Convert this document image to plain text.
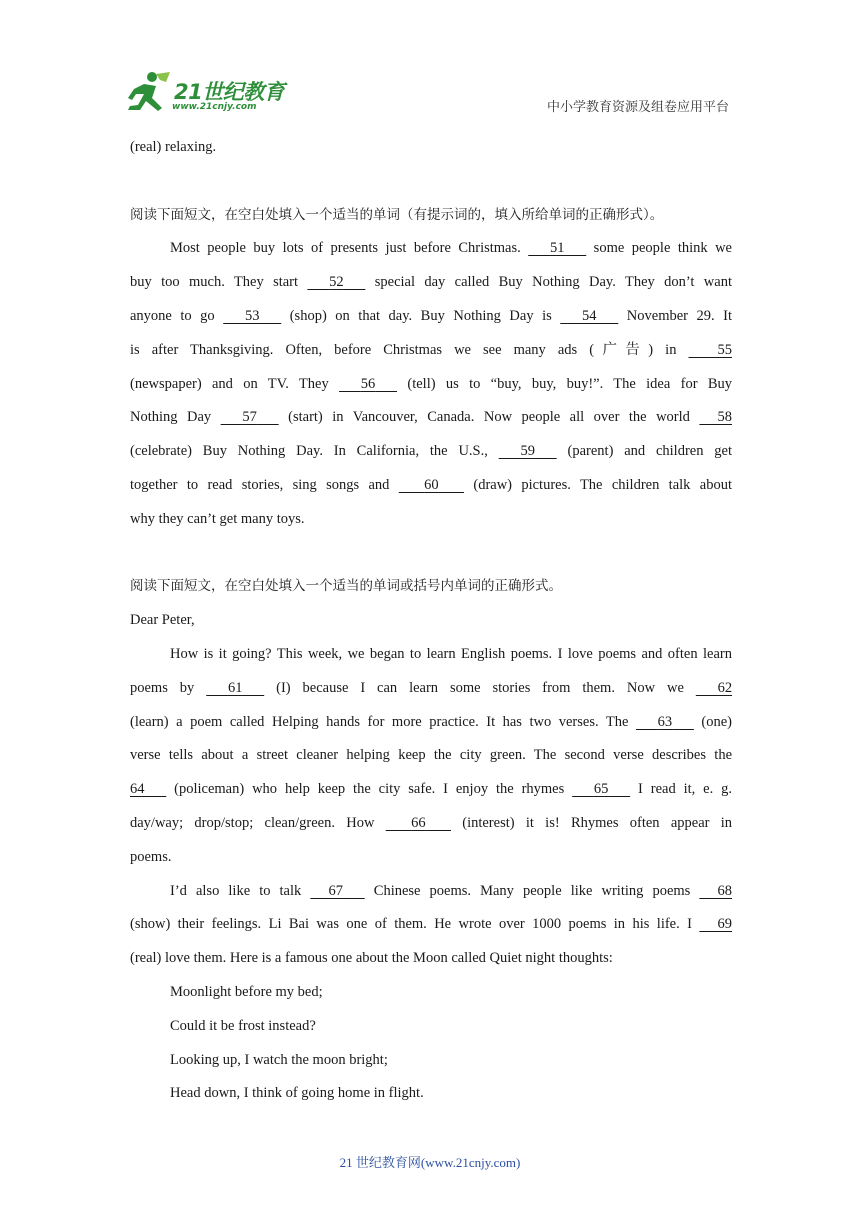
21世纪教育
www.21cnjy.com	中小学教育资源及组卷应用平台
(real) relaxing.
阅读下面短文，在空白处填入一个适当的单词（有提示词的，填入所给单词的正确形式）。
Most people buy lots of presents just before Christmas. 51 some people think we
buy too much. They start 52 special day called Buy Nothing Day. They don’t want
anyone to go 53 (shop) on that day. Buy Nothing Day is 54 November 29. It
is after Thanksgiving. Often, before Christmas we see many ads (广告) in	55
(newspaper) and on TV. They 56 (tell) us to “buy, buy, buy!”. The idea for Buy
Nothing Day 57 (start) in Vancouver, Canada. Now people all over the world 58
(celebrate) Buy Nothing Day. In California, the U.S., 59 (parent) and children get
together to read stories, sing songs and 60 (draw) pictures. The children talk about
why they can’t get many toys.
阅读下面短文，在空白处填入一个适当的单词或括号内单词的正确形式。
Dear Peter,
How is it going? This week, we began to learn English poems. I love poems and often learn
poems by 61 (I) because I can learn some stories from them. Now we 62
(learn) a poem called Helping hands for more practice. It has two verses. The 63 (one)
verse tells about a street cleaner helping keep the city green. The second verse describes the
64 (policeman) who help keep the city safe. I enjoy the rhymes 65 I read it, e. g.
day/way; drop/stop; clean/green. How	66	(interest) it is! Rhymes often appear in
poems.
I’d also like to talk 67 Chinese poems. Many people like writing poems 68
(show) their feelings. Li Bai was one of them. He wrote over 1000 poems in his life. I 69
(real) love them. Here is a famous one about the Moon called Quiet night thoughts:
Moonlight before my bed;
Could it be frost instead?
Looking up, I watch the moon bright;
Head down, I think of going home in flight.
21 世纪教育网(www.21cnjy.com)
